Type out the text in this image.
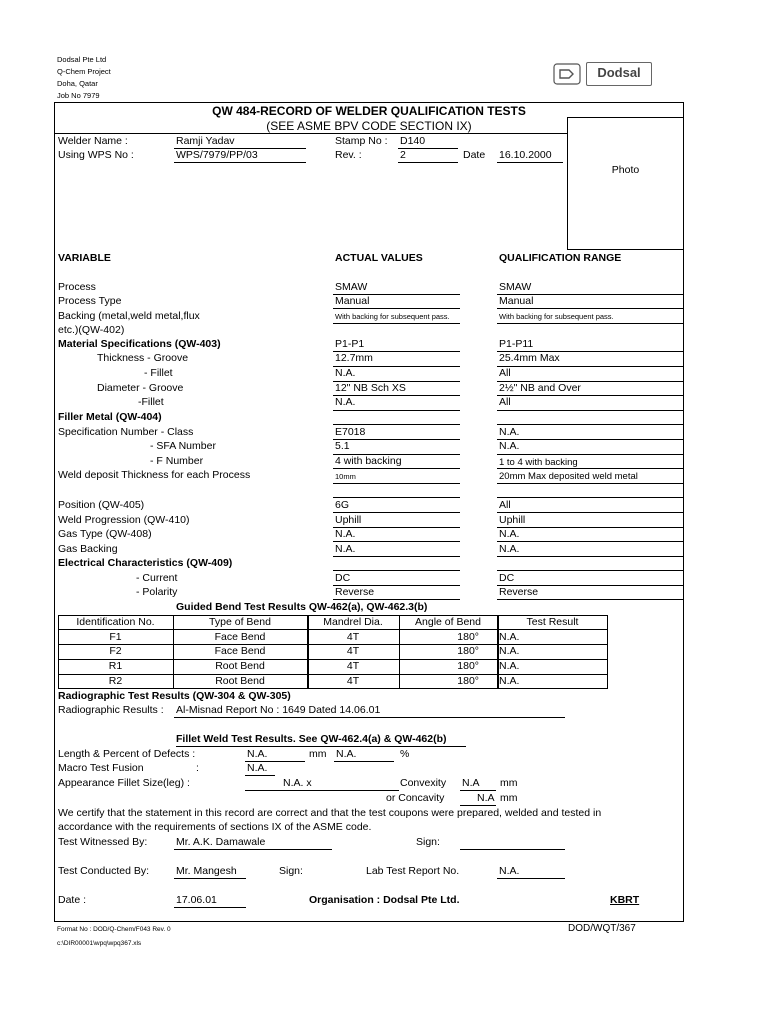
Dodsal Pte Ltd
Q-Chem Project
Doha, Qatar
Job No 7979
Dodsal
QW 484-RECORD OF WELDER QUALIFICATION TESTS
(SEE ASME BPV CODE SECTION IX)
Photo
Welder Name :	Ramji Yadav	Stamp No : D140
Using WPS No :	WPS/7979/PP/03	Rev. :	2	Date 16.10.2000
VARIABLE	ACTUAL VALUES	QUALIFICATION RANGE
Process	SMAW	SMAW
Process Type	Manual	Manual
Backing (metal,weld metal,flux
etc.)(QW-402)
With backing for subsequent pass.	With backing for subsequent pass.
Material Specifications (QW-403)	P1-P1	P1-P11
Thickness - Groove	12.7mm	25.4mm Max
- Fillet	N.A.	All
Diameter - Groove	12" NB Sch XS	2½" NB and Over
-Fillet	N.A.	All
Filler Metal (QW-404)
Specification Number - Class	E7018	N.A.
- SFA Number	5.1	N.A.
- F Number	4 with backing	1 to 4 with backing
Weld deposit Thickness for each Process	10mm	20mm Max deposited weld metal
Position (QW-405)	6G	All
Weld Progression (QW-410)	Uphill	Uphill
Gas Type (QW-408)	N.A.	N.A.
Gas Backing	N.A.	N.A.
Electrical Characteristics (QW-409)
- Current	DC	DC
- Polarity	Reverse	Reverse
Guided Bend Test Results QW-462(a), QW-462.3(b)
Identification No.	Type of Bend	Mandrel Dia.	Angle of Bend	Test Result
F1	Face Bend	4T	180° N.A.
F2	Face Bend	4T	180° N.A.
R1	Root Bend	4T	180° N.A.
R2	Root Bend	4T	180° N.A.
Radiographic Test Results (QW-304 & QW-305)
Radiographic Results : Al-Misnad Report No : 1649 Dated 14.06.01
Fillet Weld Test Results. See QW-462.4(a) & QW-462(b)
Length & Percent of Defects :	N.A.	mm N.A.	%
Macro Test Fusion	:	N.A.
Appearance Fillet Size(leg) :	N.A. x	Convexity N.A mm
or Concavity	N.A mm
We certify that the statement in this record are correct and that the test coupons were prepared, welded and tested in
accordance with the requirements of sections IX of the ASME code.
Test Witnessed By:	Mr. A.K. Damawale	Sign:
Test Conducted By:	Mr. Mangesh	Sign:	Lab Test Report No.	N.A.
Date :	17.06.01	Organisation : Dodsal Pte Ltd.	KBRT
Format No : DOD/Q-Chem/F043 Rev. 0	DOD/WQT/367
c:\DIR00001\wpq\wpq367.xls
